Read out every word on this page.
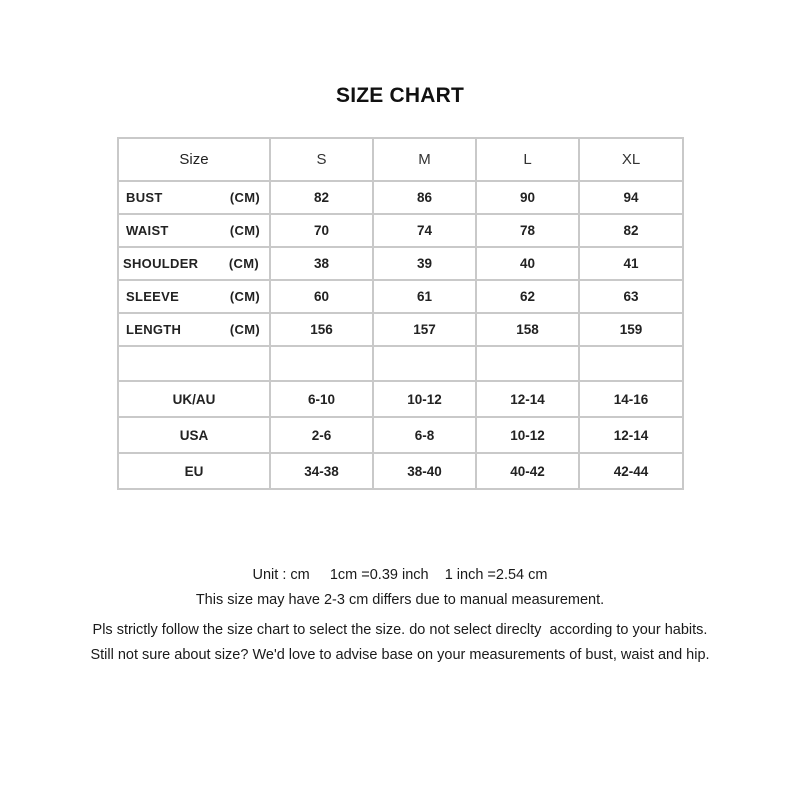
SIZE CHART
Size	S	M	L	XL

BUST (CM)	82	86	90	94

WAIST (CM)	70	74	78	82

SHOULDER (CM)	38	39	40	41

SLEEVE (CM)	60	61	62	63

LENGTH (CM)	156	157	158	159

UK/AU	6-10	10-12	12-14	14-16
USA	2-6	6-8	10-12	12-14
EU	34-38	38-40	40-42	42-44
Unit : cm     1cm =0.39 inch    1 inch =2.54 cm
This size may have 2-3 cm differs due to manual measurement.
Pls strictly follow the size chart to select the size. do not select direclty  according to your habits.
Still not sure about size? We'd love to advise base on your measurements of bust, waist and hip.
